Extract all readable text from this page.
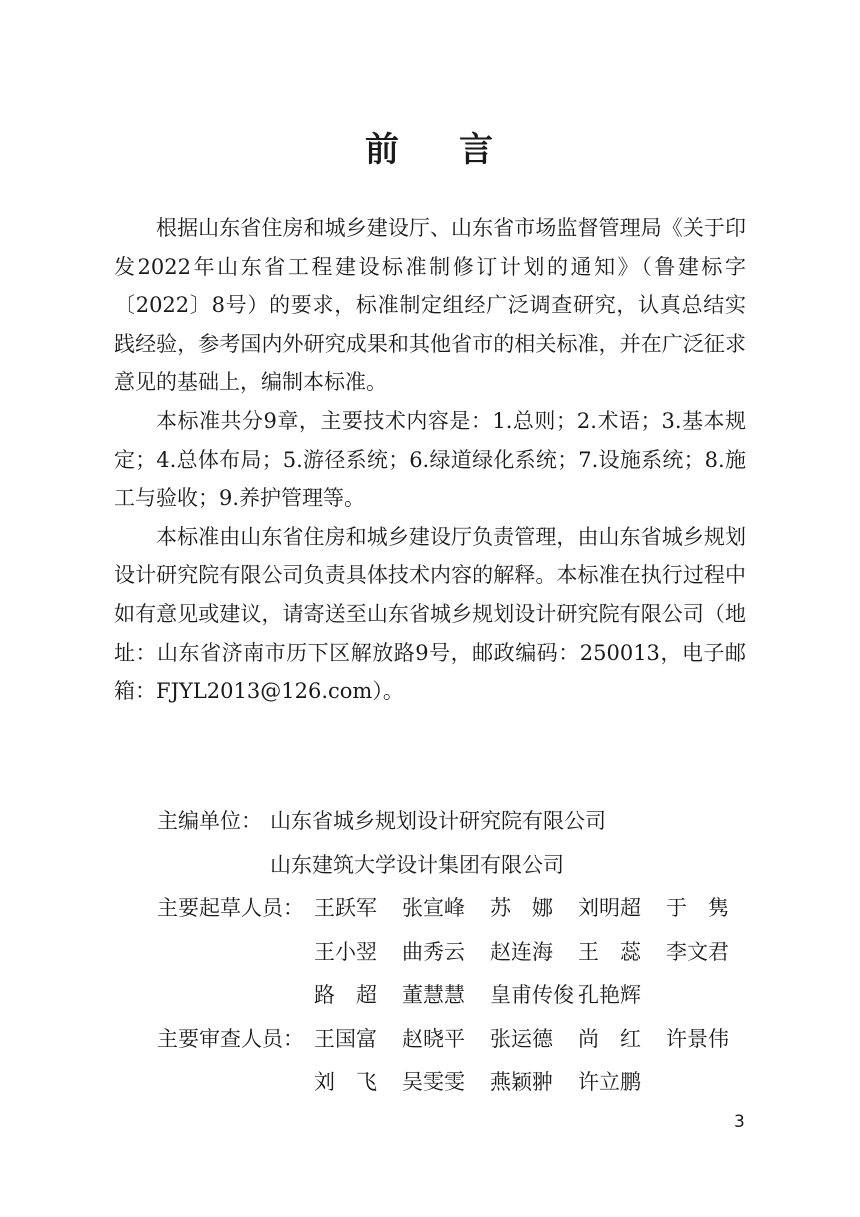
前 言

根据山东省住房和城乡建设厅、山东省市场监督管理局《关于印发2022年山东省工程建设标准制修订计划的通知》（鲁建标字〔2022〕8号）的要求，标准制定组经广泛调查研究，认真总结实践经验，参考国内外研究成果和其他省市的相关标准，并在广泛征求意见的基础上，编制本标准。

本标准共分9章，主要技术内容是：1.总则；2.术语；3.基本规定；4.总体布局；5.游径系统；6.绿道绿化系统；7.设施系统；8.施工与验收；9.养护管理等。

本标准由山东省住房和城乡建设厅负责管理，由山东省城乡规划设计研究院有限公司负责具体技术内容的解释。本标准在执行过程中如有意见或建议，请寄送至山东省城乡规划设计研究院有限公司（地址：山东省济南市历下区解放路9号，邮政编码：250013，电子邮箱：FJYL2013@126.com）。

主编单位： 山东省城乡规划设计研究院有限公司
山东建筑大学设计集团有限公司
主要起草人员： 王跃军	张宣峰	苏　娜	刘明超	于　隽
王小翌	曲秀云	赵连海	王　蕊	李文君
路　超	董慧慧	皇甫传俊 孔艳辉
主要审查人员： 王国富	赵晓平	张运德	尚　红	许景伟
刘　飞	吴雯雯	燕颖翀	许立鹏
3
